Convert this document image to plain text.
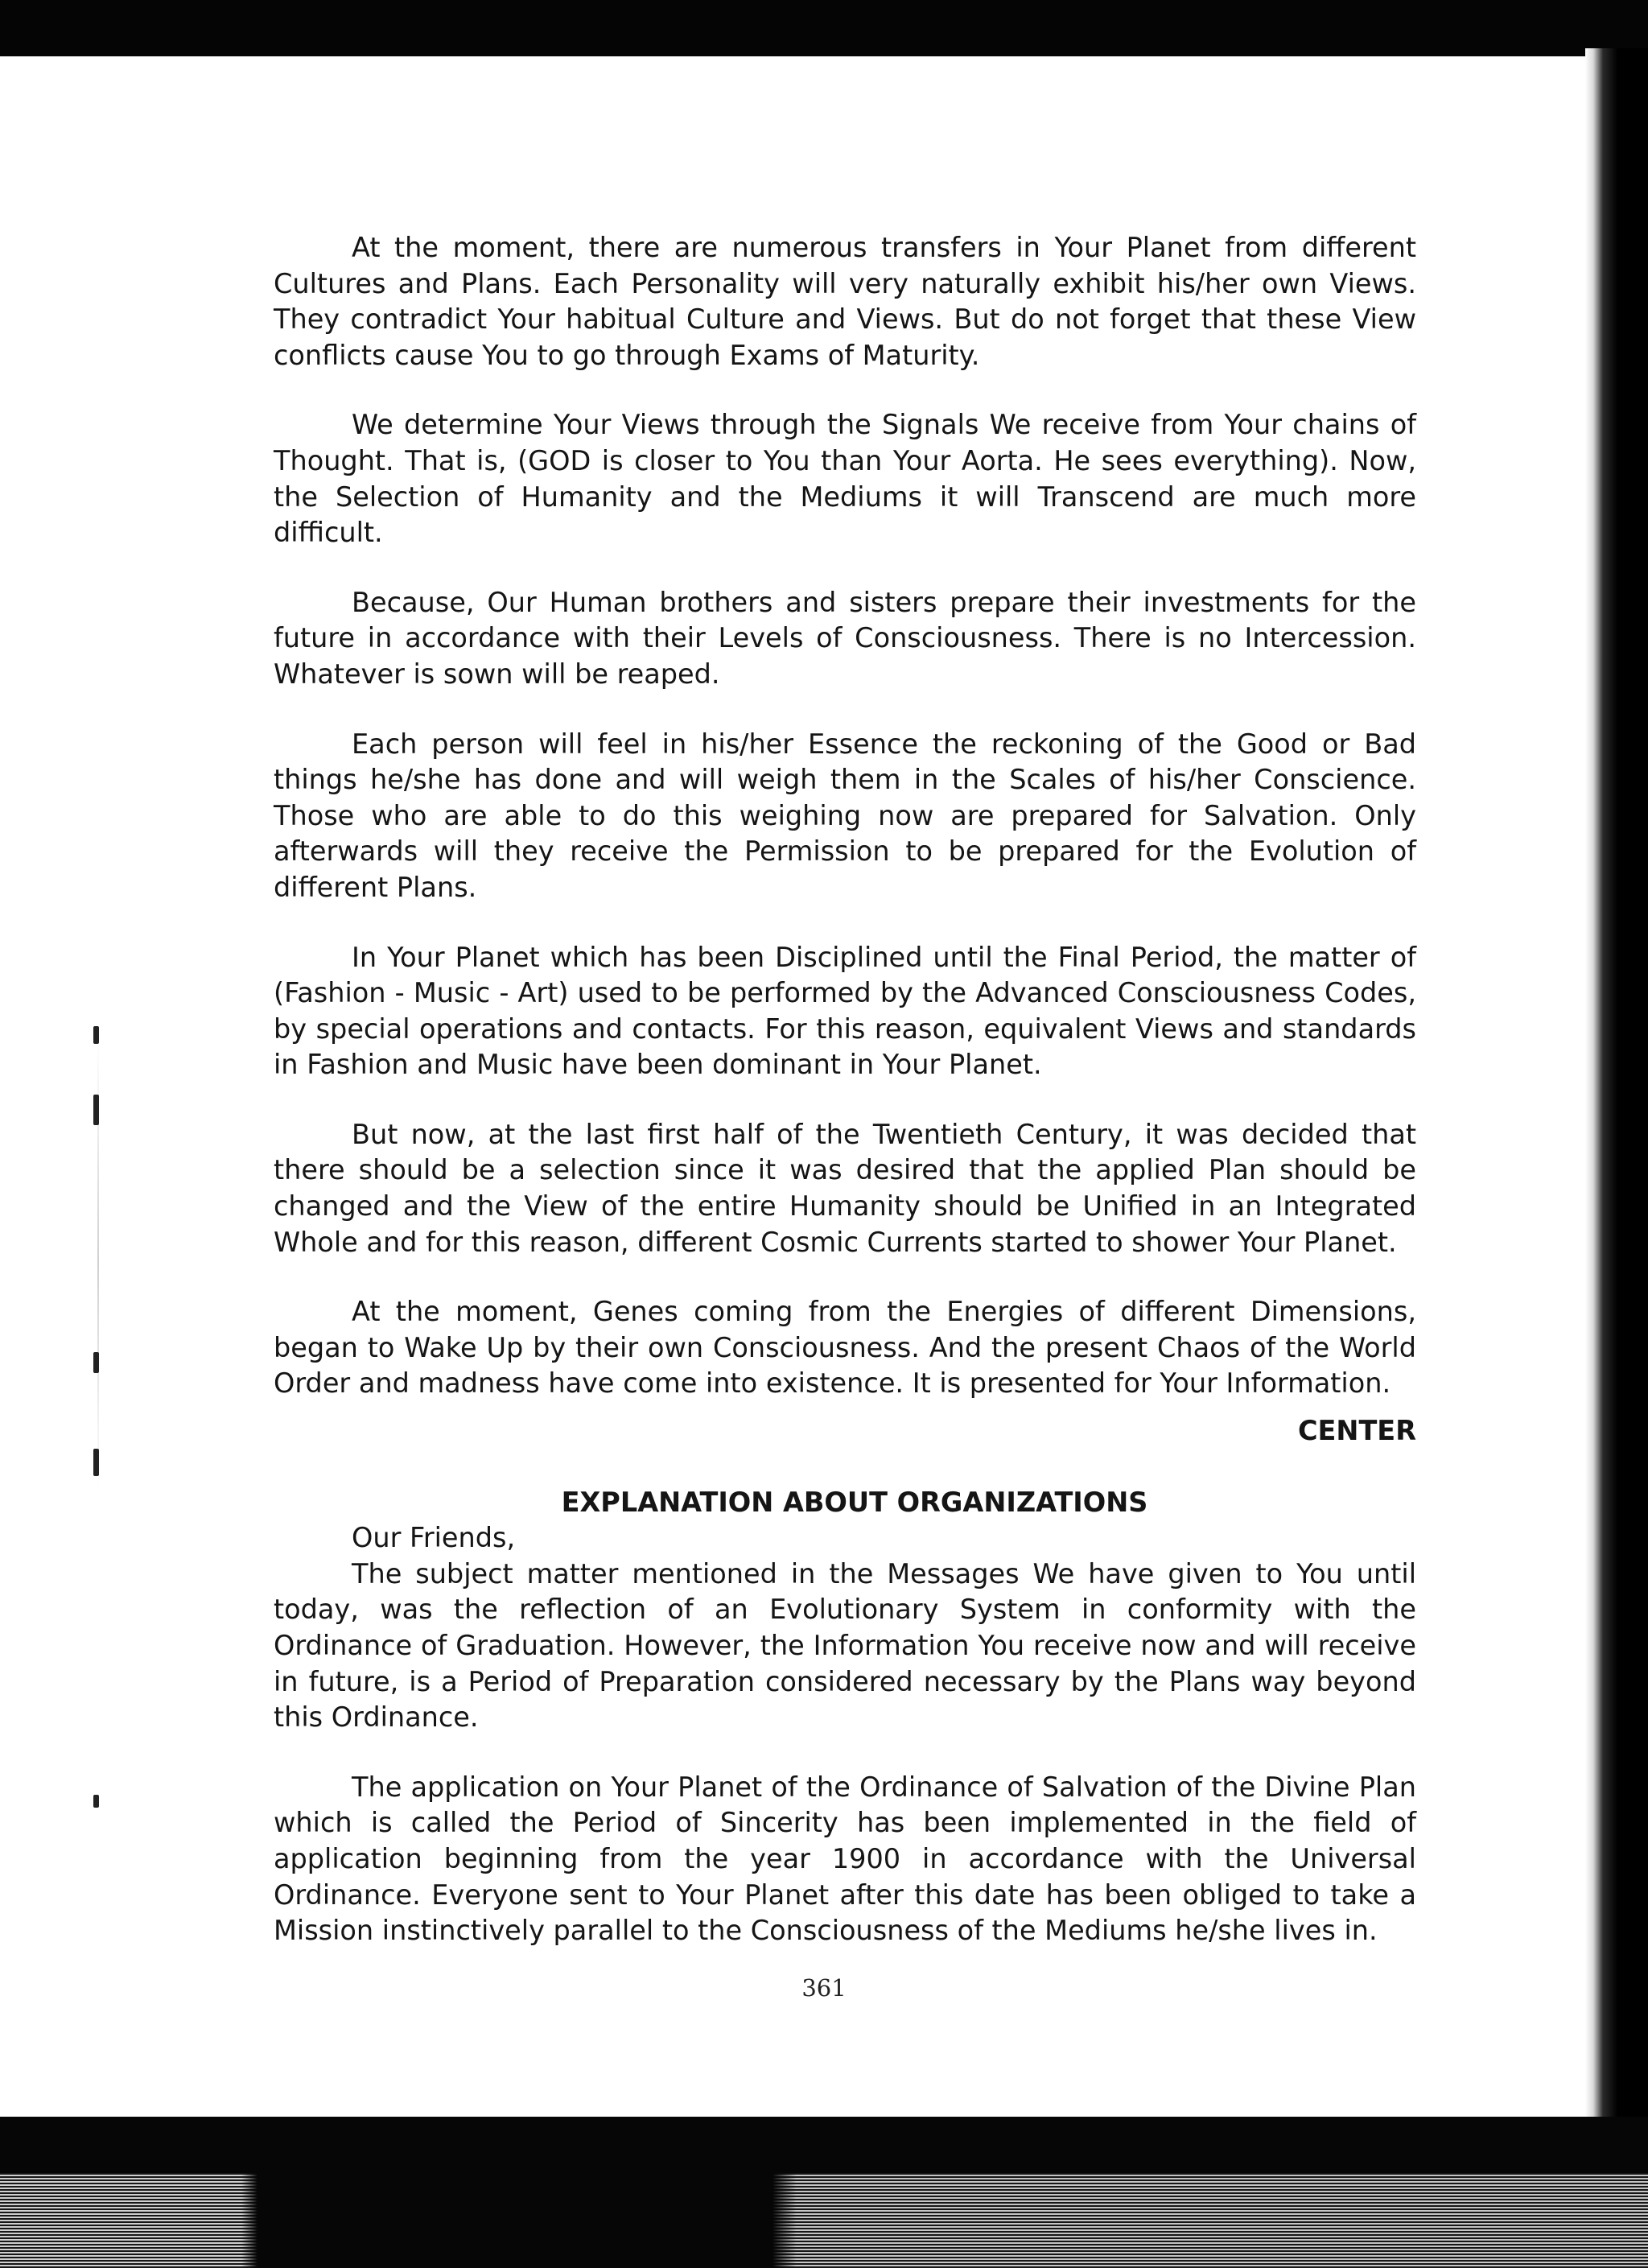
At the moment, there are numerous transfers in Your Planet from different Cultures and Plans. Each Personality will very naturally exhibit his/her own Views. They contradict Your habitual Culture and Views. But do not forget that these View conflicts cause You to go through Exams of Maturity.

We determine Your Views through the Signals We receive from Your chains of Thought. That is, (GOD is closer to You than Your Aorta. He sees everything). Now, the Selection of Humanity and the Mediums it will Transcend are much more difficult.

Because, Our Human brothers and sisters prepare their investments for the future in accordance with their Levels of Consciousness. There is no Intercession. Whatever is sown will be reaped.

Each person will feel in his/her Essence the reckoning of the Good or Bad things he/she has done and will weigh them in the Scales of his/her Conscience. Those who are able to do this weighing now are prepared for Salvation. Only afterwards will they receive the Permission to be prepared for the Evolution of different Plans.

In Your Planet which has been Disciplined until the Final Period, the matter of (Fashion - Music - Art) used to be performed by the Advanced Consciousness Codes, by special operations and contacts. For this reason, equivalent Views and standards in Fashion and Music have been dominant in Your Planet.

But now, at the last first half of the Twentieth Century, it was decided that there should be a selection since it was desired that the applied Plan should be changed and the View of the entire Humanity should be Unified in an Integrated Whole and for this reason, different Cosmic Currents started to shower Your Planet.

At the moment, Genes coming from the Energies of different Dimensions, began to Wake Up by their own Consciousness. And the present Chaos of the World Order and madness have come into existence. It is presented for Your Information.

CENTER
EXPLANATION ABOUT ORGANIZATIONS
Our Friends,

The subject matter mentioned in the Messages We have given to You until today, was the reflection of an Evolutionary System in conformity with the Ordinance of Graduation. However, the Information You receive now and will receive in future, is a Period of Preparation considered necessary by the Plans way beyond this Ordinance.

The application on Your Planet of the Ordinance of Salvation of the Divine Plan which is called the Period of Sincerity has been implemented in the field of application beginning from the year 1900 in accordance with the Universal Ordinance. Everyone sent to Your Planet after this date has been obliged to take a Mission instinctively parallel to the Consciousness of the Mediums he/she lives in.

361
